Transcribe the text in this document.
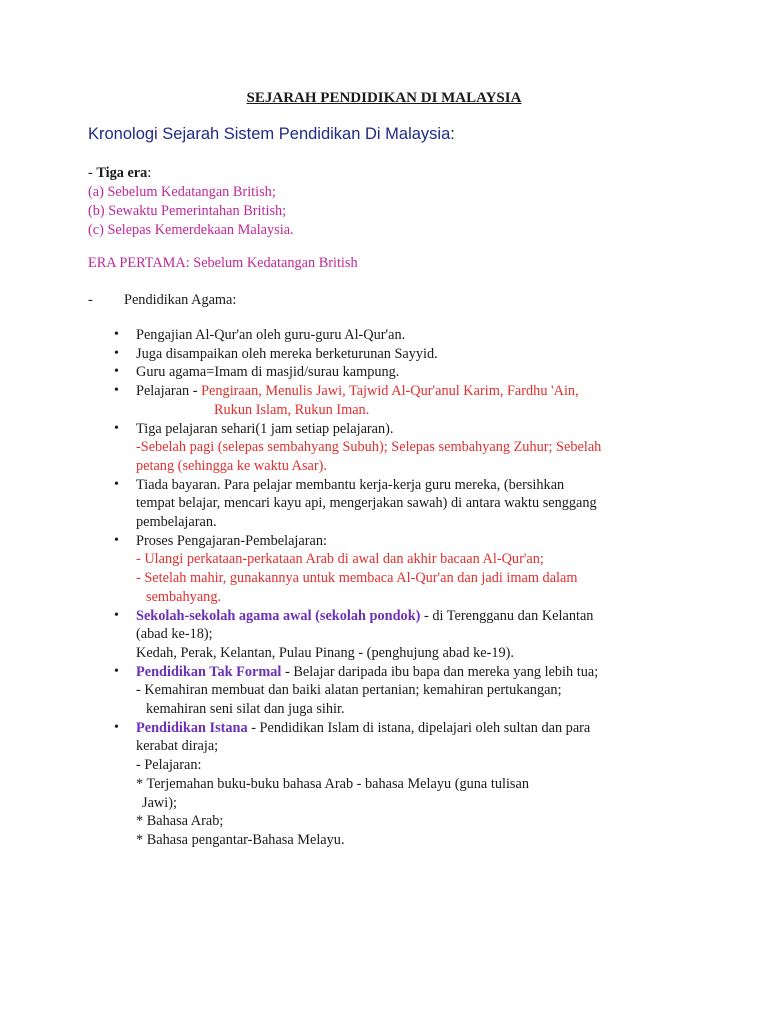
SEJARAH PENDIDIKAN DI MALAYSIA
Kronologi Sejarah Sistem Pendidikan Di Malaysia:
- Tiga era:
(a) Sebelum Kedatangan British;
(b) Sewaktu Pemerintahan British;
(c) Selepas Kemerdekaan Malaysia.
ERA PERTAMA: Sebelum Kedatangan British
- Pendidikan Agama:
• Pengajian Al-Qur'an oleh guru-guru Al-Qur'an.
• Juga disampaikan oleh mereka berketurunan Sayyid.
• Guru agama=Imam di masjid/surau kampung.
• Pelajaran - Pengiraan, Menulis Jawi, Tajwid Al-Qur'anul Karim, Fardhu 'Ain,
Rukun Islam, Rukun Iman.
• Tiga pelajaran sehari(1 jam setiap pelajaran).
-Sebelah pagi (selepas sembahyang Subuh); Selepas sembahyang Zuhur; Sebelah
petang (sehingga ke waktu Asar).
• Tiada bayaran. Para pelajar membantu kerja-kerja guru mereka, (bersihkan
tempat belajar, mencari kayu api, mengerjakan sawah) di antara waktu senggang
pembelajaran.
• Proses Pengajaran-Pembelajaran:
- Ulangi perkataan-perkataan Arab di awal dan akhir bacaan Al-Qur'an;
- Setelah mahir, gunakannya untuk membaca Al-Qur'an dan jadi imam dalam
sembahyang.
• Sekolah-sekolah agama awal (sekolah pondok) - di Terengganu dan Kelantan
(abad ke-18);
Kedah, Perak, Kelantan, Pulau Pinang - (penghujung abad ke-19).
• Pendidikan Tak Formal - Belajar daripada ibu bapa dan mereka yang lebih tua;
- Kemahiran membuat dan baiki alatan pertanian; kemahiran pertukangan;
kemahiran seni silat dan juga sihir.
• Pendidikan Istana - Pendidikan Islam di istana, dipelajari oleh sultan dan para
kerabat diraja;
- Pelajaran:
* Terjemahan buku-buku bahasa Arab - bahasa Melayu (guna tulisan
Jawi);
* Bahasa Arab;
* Bahasa pengantar-Bahasa Melayu.
